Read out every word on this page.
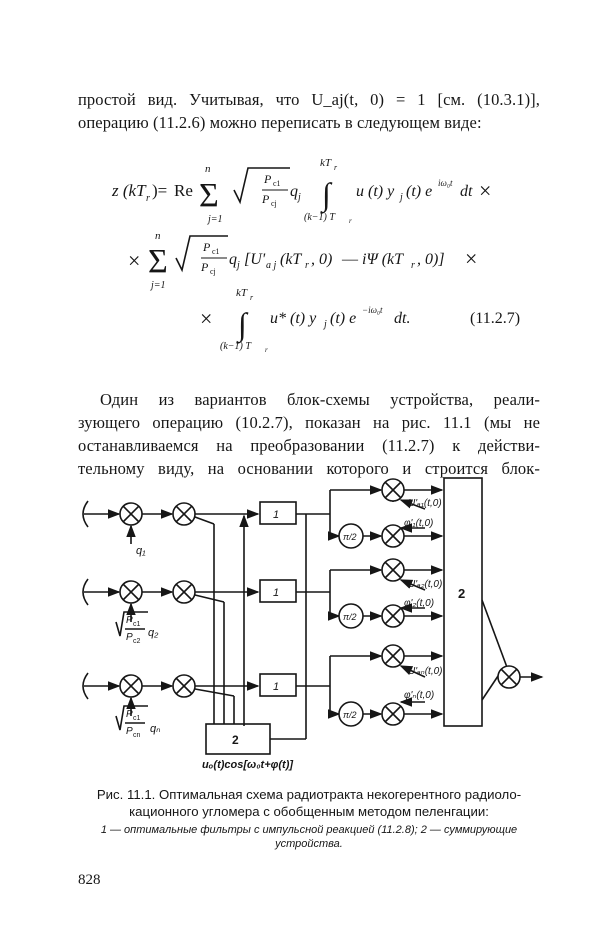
простой вид. Учитывая, что U_aj(t, 0) = 1 [см. (10.3.1)],
операцию (11.2.6) можно переписать в следующем виде:
z (kT r )= Re
n
Σ
j=1
P c1
P cj
q j
kT r
∫
(k−1) T r
u (t) y j (t) e iω₀t dt ×
×
n
Σ
j=1
P c1
P cj
q j [U' a j (kT r , 0) — iΨ (kT r , 0)] ×
×
kT r
∫
(k−1) T r
u* (t) y j (t) e −iω₀t dt.	(11.2.7)
Один из вариантов блок-схемы устройства, реали-
зующего операцию (10.2.7), показан на рис. 11.1 (мы не
останавливаемся на преобразовании (11.2.7) к действи-
тельному виду, на основании которого и строится блок-
2
q₁
1
π/2
U'ₐ₁(t,0)
φ'₁(t,0)
P c1
P c2
q₂
1
π/2
U'ₐ₂(t,0)
φ'₂(t,0)
P c1
P cn
qₙ
1
π/2
U'ₐₙ(t,0)
φ'ₙ(t,0)
2
uₒ(t)cos[ω₀t+φ(t)]
Рис. 11.1. Оптимальная схема радиотракта некогерентного радиоло-
кационного угломера с обобщенным методом пеленгации:
1 — оптимальные фильтры с импульсной реакцией (11.2.8); 2 — суммирующие
устройства.
828
